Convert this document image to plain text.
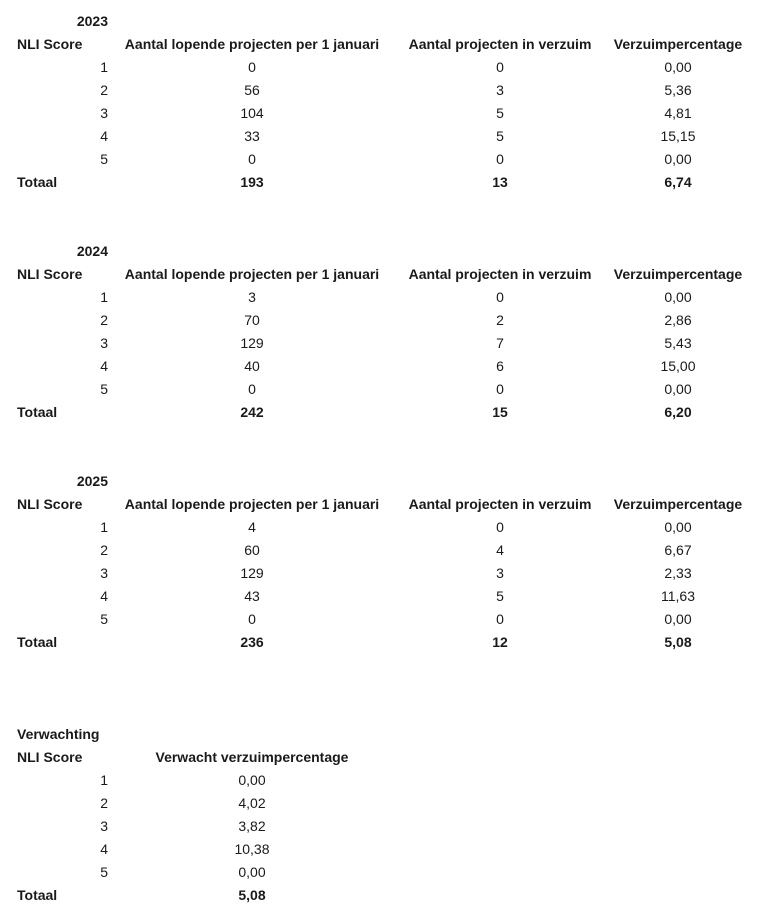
2023
NLI Score	Aantal lopende projecten per 1 januari	Aantal projecten in verzuim	Verzuimpercentage
1	0	0	0,00
2	56	3	5,36
3	104	5	4,81
4	33	5	15,15
5	0	0	0,00
Totaal	193	13	6,74
2024
NLI Score	Aantal lopende projecten per 1 januari	Aantal projecten in verzuim	Verzuimpercentage
1	3	0	0,00
2	70	2	2,86
3	129	7	5,43
4	40	6	15,00
5	0	0	0,00
Totaal	242	15	6,20
2025
NLI Score	Aantal lopende projecten per 1 januari	Aantal projecten in verzuim	Verzuimpercentage
1	4	0	0,00
2	60	4	6,67
3	129	3	2,33
4	43	5	11,63
5	0	0	0,00
Totaal	236	12	5,08
Verwachting
NLI Score	Verwacht verzuimpercentage
1	0,00
2	4,02
3	3,82
4	10,38
5	0,00
Totaal	5,08
